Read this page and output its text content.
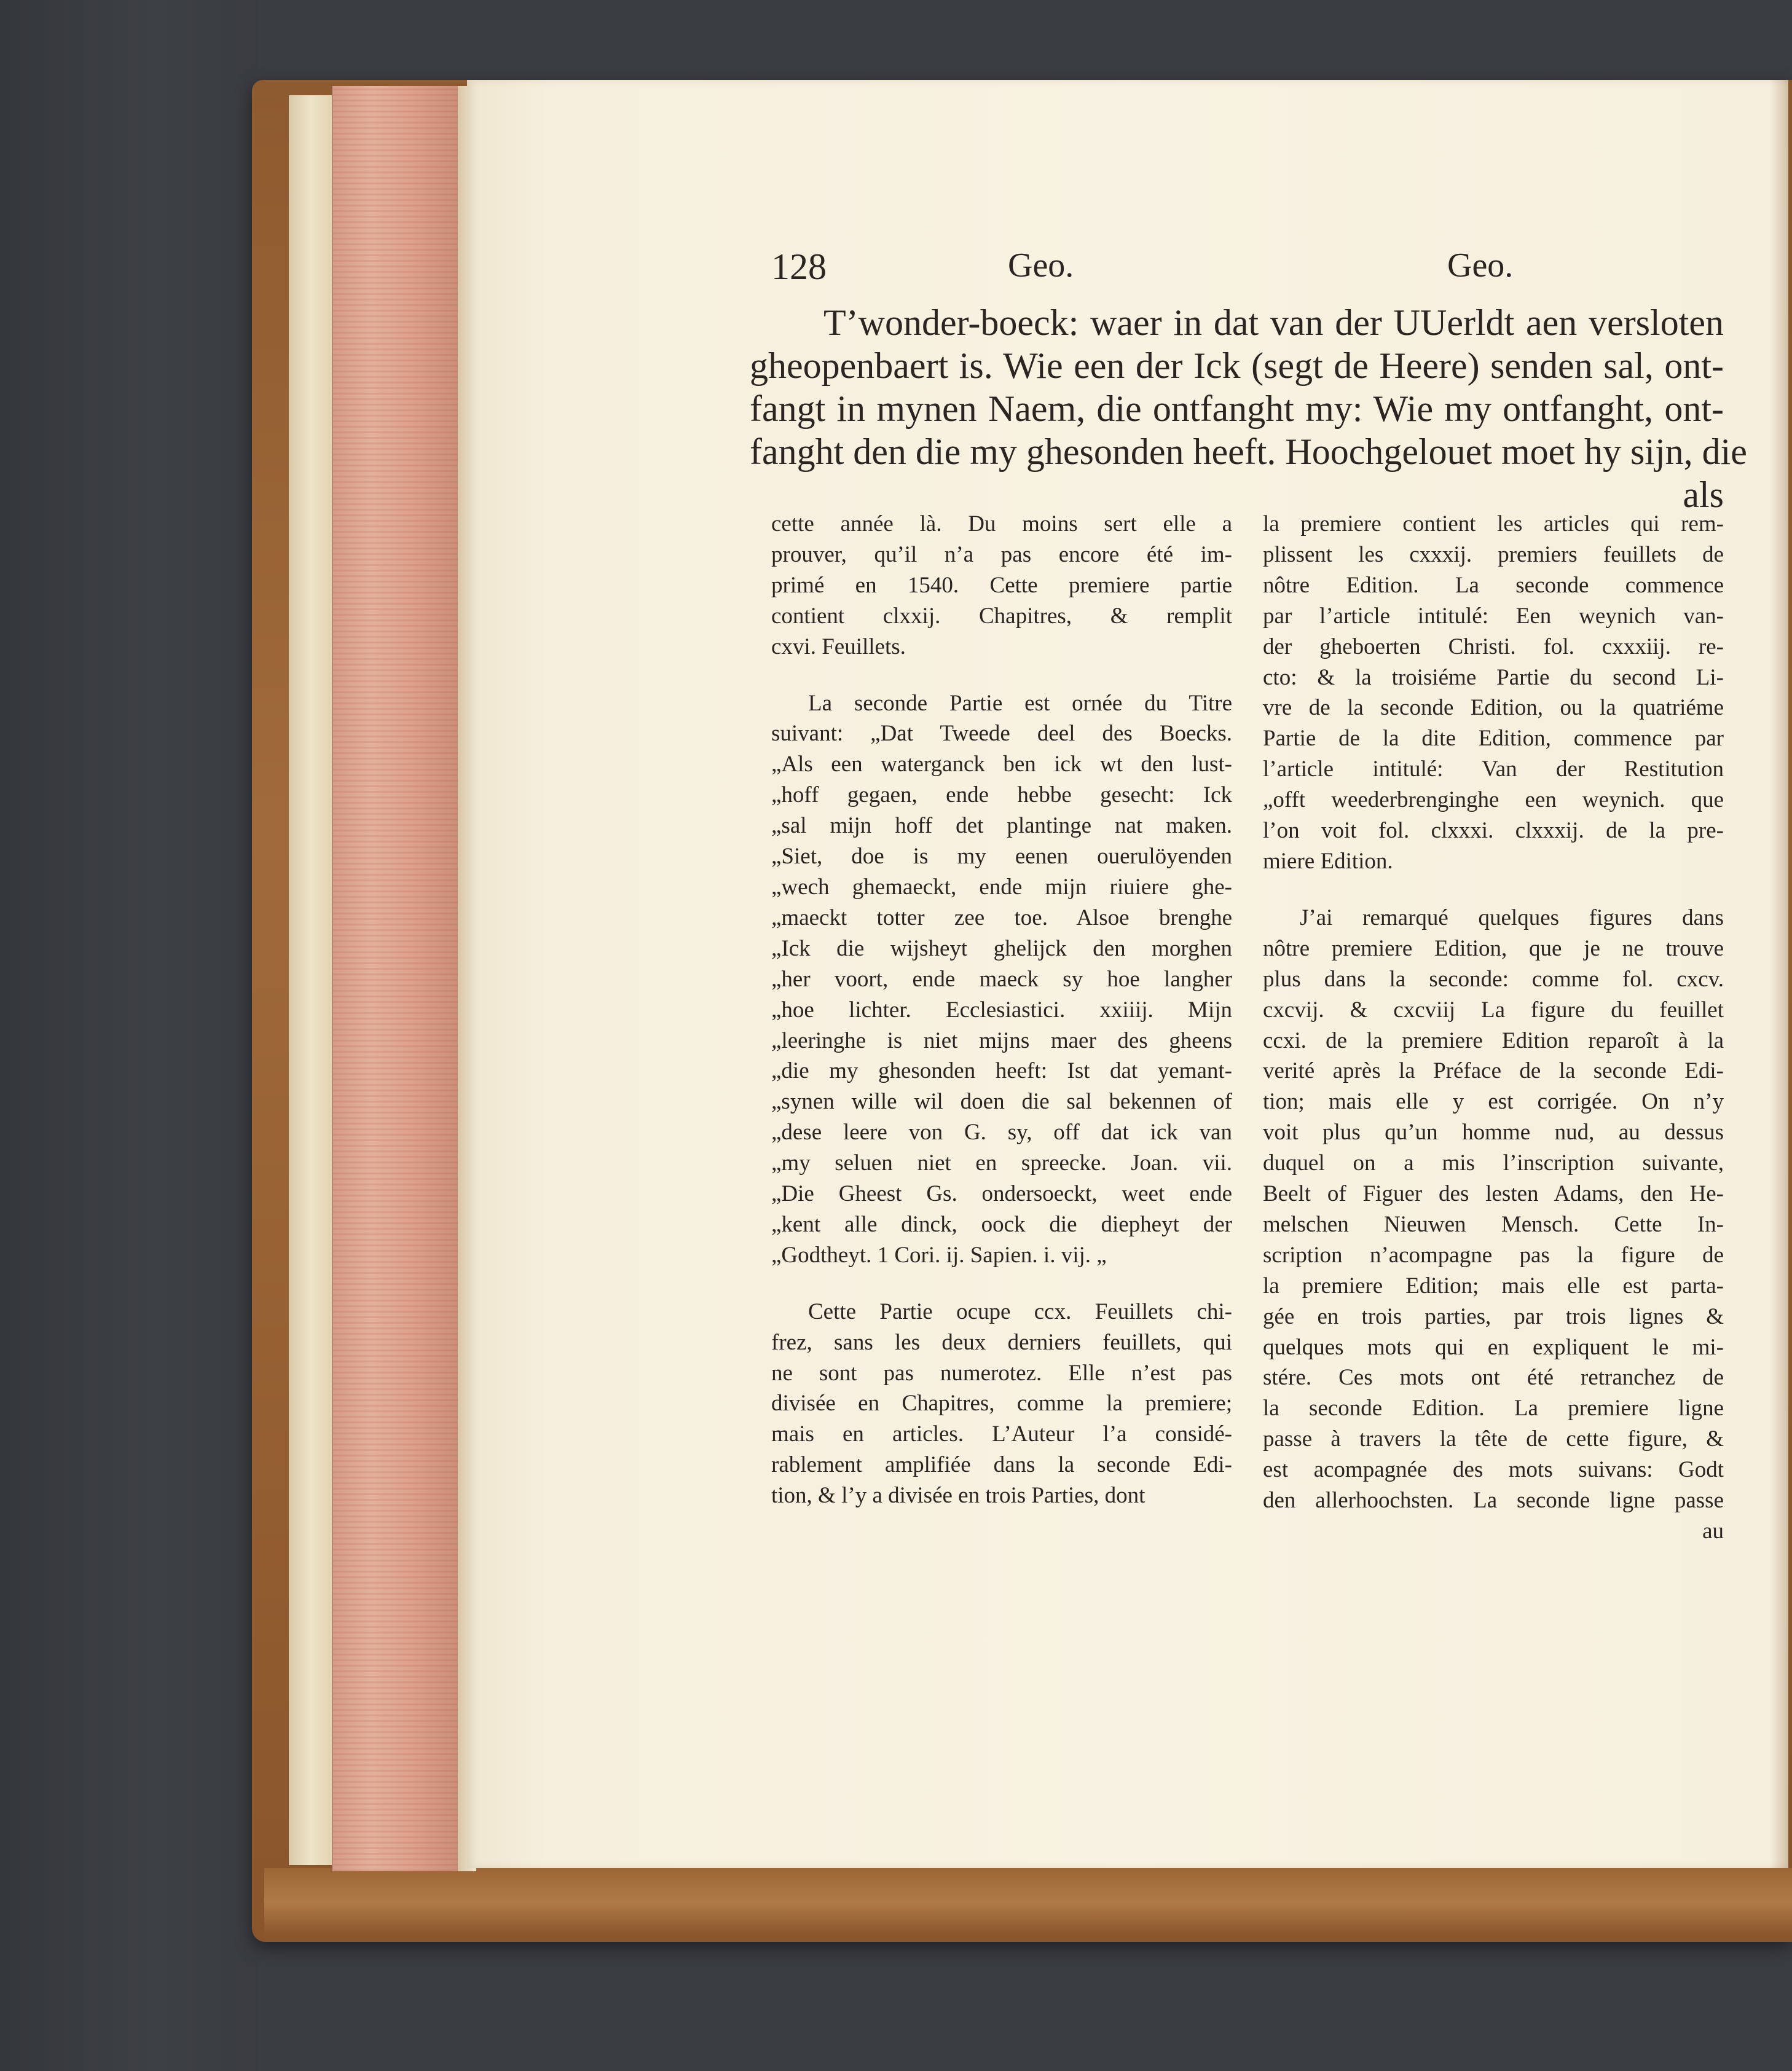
128	Geo.	Geo.
T’wonder-boeck: waer in dat van der UUerldt aen versloten
gheopenbaert is. Wie een der Ick (segt de Heere) senden sal, ont-
fangt in mynen Naem, die ontfanght my: Wie my ontfanght, ont-
fanght den die my ghesonden heeft. Hoochgelouet moet hy sijn, die
als
cette année là. Du moins sert elle a
prouver, qu’il n’a pas encore été im-
primé en 1540. Cette premiere partie
contient clxxij. Chapitres, & remplit
cxvi. Feuillets.
La seconde Partie est ornée du Titre
suivant: „Dat Tweede deel des Boecks.
„Als een waterganck ben ick wt den lust-
„hoff gegaen, ende hebbe gesecht: Ick
„sal mijn hoff det plantinge nat maken.
„Siet, doe is my eenen ouerulöyenden
„wech ghemaeckt, ende mijn riuiere ghe-
„maeckt totter zee toe. Alsoe brenghe
„Ick die wijsheyt ghelijck den morghen
„her voort, ende maeck sy hoe langher
„hoe lichter. Ecclesiastici. xxiiij. Mijn
„leeringhe is niet mijns maer des gheens
„die my ghesonden heeft: Ist dat yemant-
„synen wille wil doen die sal bekennen of
„dese leere von G. sy, off dat ick van
„my seluen niet en spreecke. Joan. vii.
„Die Gheest Gs. ondersoeckt, weet ende
„kent alle dinck, oock die diepheyt der
„Godtheyt. 1 Cori. ij. Sapien. i. vij. „
Cette Partie ocupe ccx. Feuillets chi-
frez, sans les deux derniers feuillets, qui
ne sont pas numerotez. Elle n’est pas
divisée en Chapitres, comme la premiere;
mais en articles. L’Auteur l’a considé-
rablement amplifiée dans la seconde Edi-
tion, & l’y a divisée en trois Parties, dont
la premiere contient les articles qui rem-
plissent les cxxxij. premiers feuillets de
nôtre Edition. La seconde commence
par l’article intitulé: Een weynich van-
der gheboerten Christi. fol. cxxxiij. re-
cto: & la troisiéme Partie du second Li-
vre de la seconde Edition, ou la quatriéme
Partie de la dite Edition, commence par
l’article intitulé: Van der Restitution
„offt weederbrenginghe een weynich. que
l’on voit fol. clxxxi. clxxxij. de la pre-
miere Edition.
J’ai remarqué quelques figures dans
nôtre premiere Edition, que je ne trouve
plus dans la seconde: comme fol. cxcv.
cxcvij. & cxcviij La figure du feuillet
ccxi. de la premiere Edition reparoît à la
verité après la Préface de la seconde Edi-
tion; mais elle y est corrigée. On n’y
voit plus qu’un homme nud, au dessus
duquel on a mis l’inscription suivante,
Beelt of Figuer des lesten Adams, den He-
melschen Nieuwen Mensch. Cette In-
scription n’acompagne pas la figure de
la premiere Edition; mais elle est parta-
gée en trois parties, par trois lignes &
quelques mots qui en expliquent le mi-
stére. Ces mots ont été retranchez de
la seconde Edition. La premiere ligne
passe à travers la tête de cette figure, &
est acompagnée des mots suivans: Godt
den allerhoochsten. La seconde ligne passe
au
